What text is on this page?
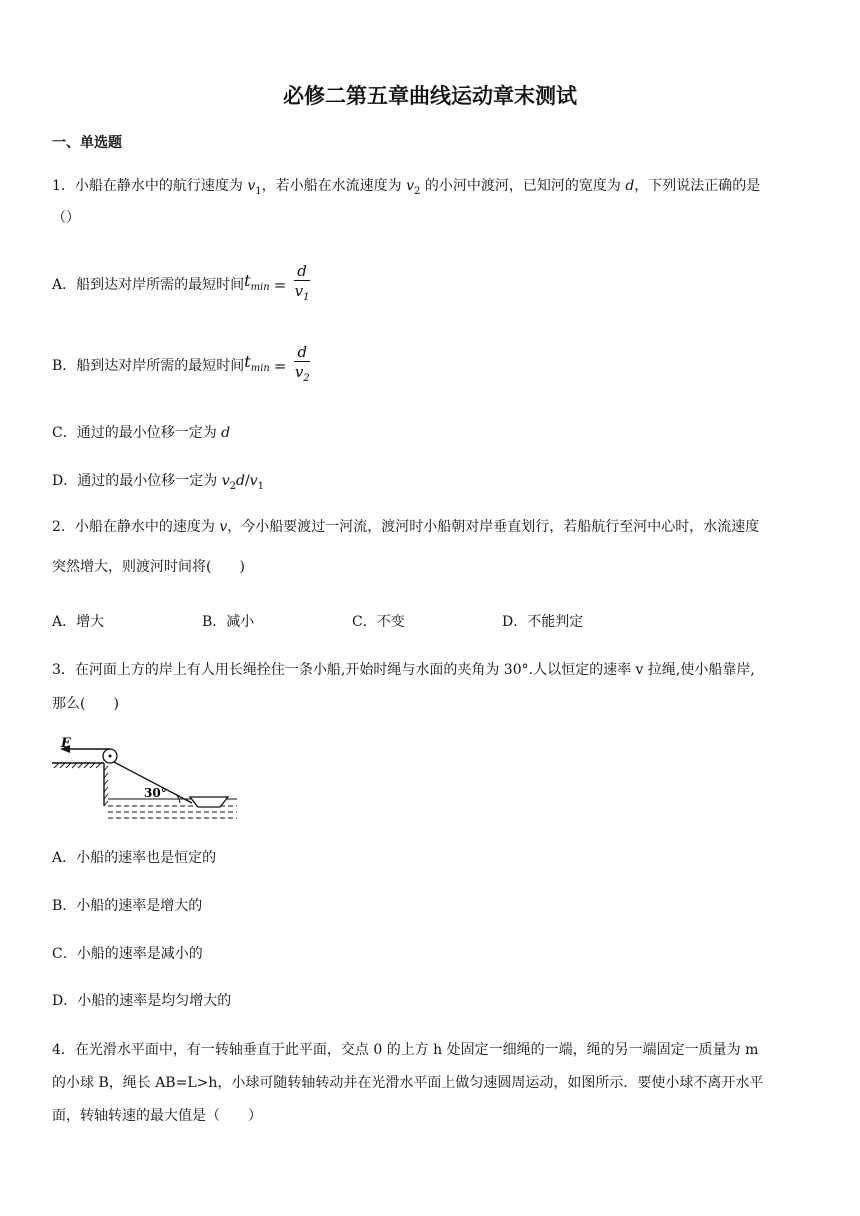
必修二第五章曲线运动章末测试
一、单选题
1．小船在静水中的航行速度为 $v_1$，若小船在水流速度为 $v_2$ 的小河中渡河，已知河的宽度为 d，下列说法正确的是
（）
A．船到达对岸所需的最短时间$t_{min} = \frac{d}{v_1}$
B．船到达对岸所需的最短时间$t_{min} = \frac{d}{v_2}$
C．通过的最小位移一定为 d
D．通过的最小位移一定为 $v_2d/v_1$
2．小船在静水中的速度为 v，今小船要渡过一河流，渡河时小船朝对岸垂直划行，若船航行至河中心时，水流速度
突然增大，则渡河时间将(　　)
A．增大	B．减小	C．不变	D．不能判定
3．在河面上方的岸上有人用长绳拴住一条小船,开始时绳与水面的夹角为 30°.人以恒定的速率 v 拉绳,使小船靠岸,
那么(　　)
F
30°
A．小船的速率也是恒定的
B．小船的速率是增大的
C．小船的速率是减小的
D．小船的速率是均匀增大的
4．在光滑水平面中，有一转轴垂直于此平面，交点 0 的上方 h 处固定一细绳的一端，绳的另一端固定一质量为 m
的小球 B，绳长 AB=L>h，小球可随转轴转动并在光滑水平面上做匀速圆周运动，如图所示．要使小球不离开水平
面，转轴转速的最大值是（　　）
